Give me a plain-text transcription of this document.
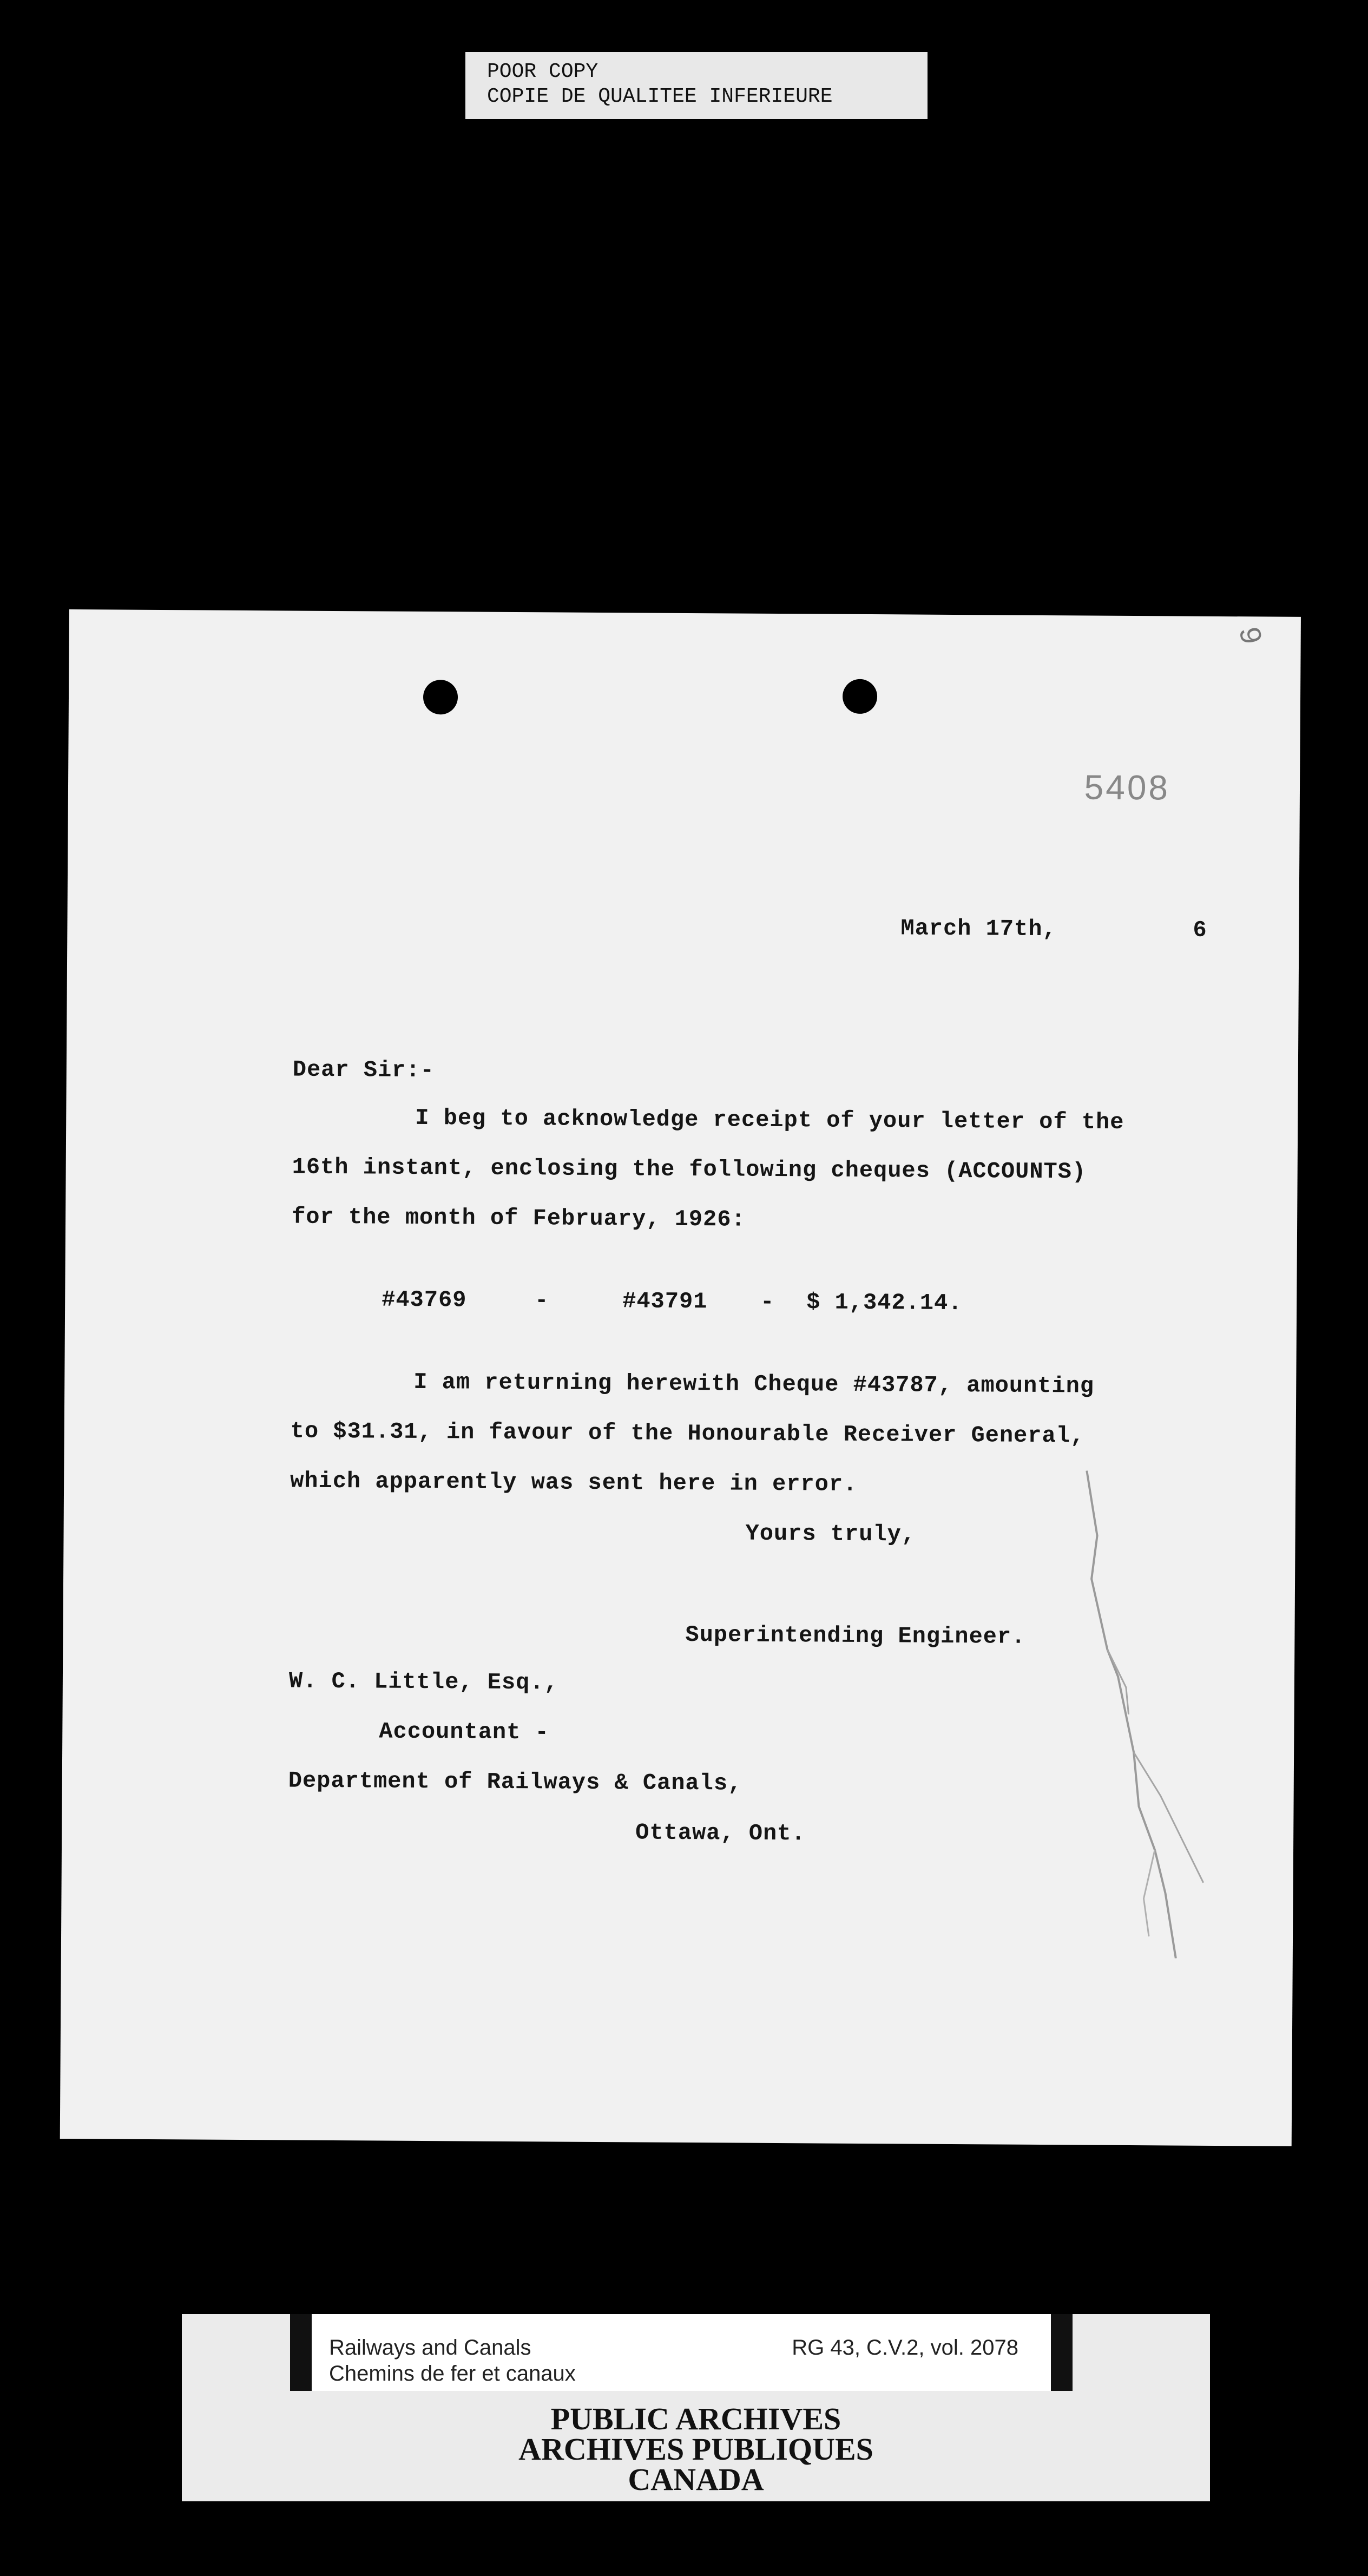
POOR COPY
COPIE DE QUALITEE INFERIEURE
9
5408
March 17th,	6
Dear Sir:-
I beg to acknowledge receipt of your letter of the
16th instant, enclosing the following cheques (ACCOUNTS)
for the month of February, 1926:
#43769	-	#43791 - $ 1,342.14.
I am returning herewith Cheque #43787, amounting
to $31.31, in favour of the Honourable Receiver General,
which apparently was sent here in error.
Yours truly,
Superintending Engineer.
W. C. Little, Esq.,
Accountant -
Department of Railways & Canals,
Ottawa, Ont.
Railways and Canals
Chemins de fer et canaux
RG 43, C.V.2, vol. 2078
PUBLIC ARCHIVES
ARCHIVES PUBLIQUES
CANADA
